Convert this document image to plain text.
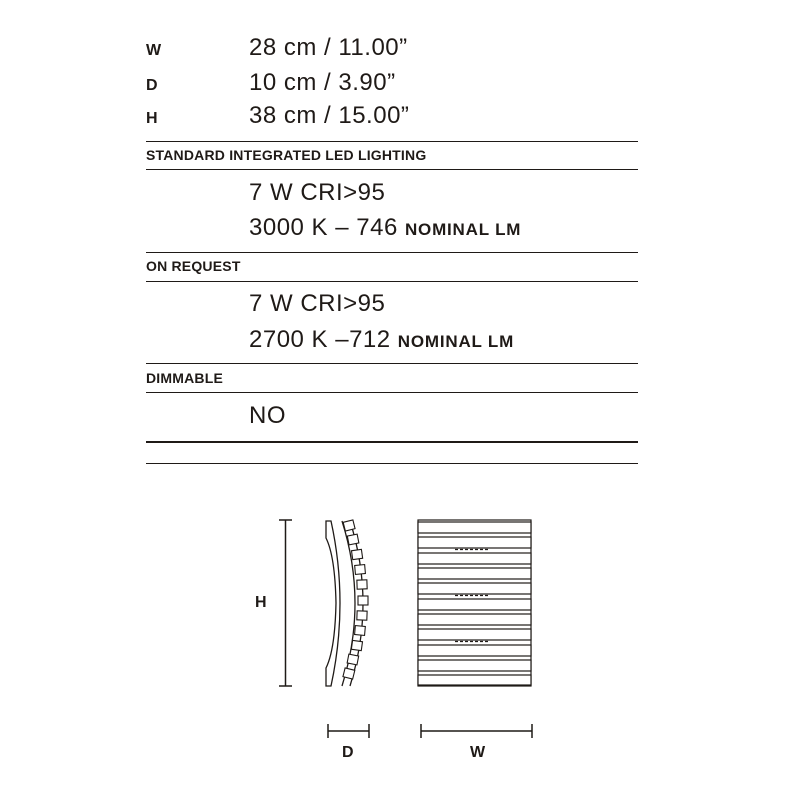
W	28 cm / 11.00”
D	10 cm / 3.90”
H	38 cm / 15.00”
STANDARD INTEGRATED LED LIGHTING
7 W CRI>95
3000 K – 746 NOMINAL LM
ON REQUEST
7 W CRI>95
2700 K –712 NOMINAL LM
DIMMABLE
NO
H
D	W
